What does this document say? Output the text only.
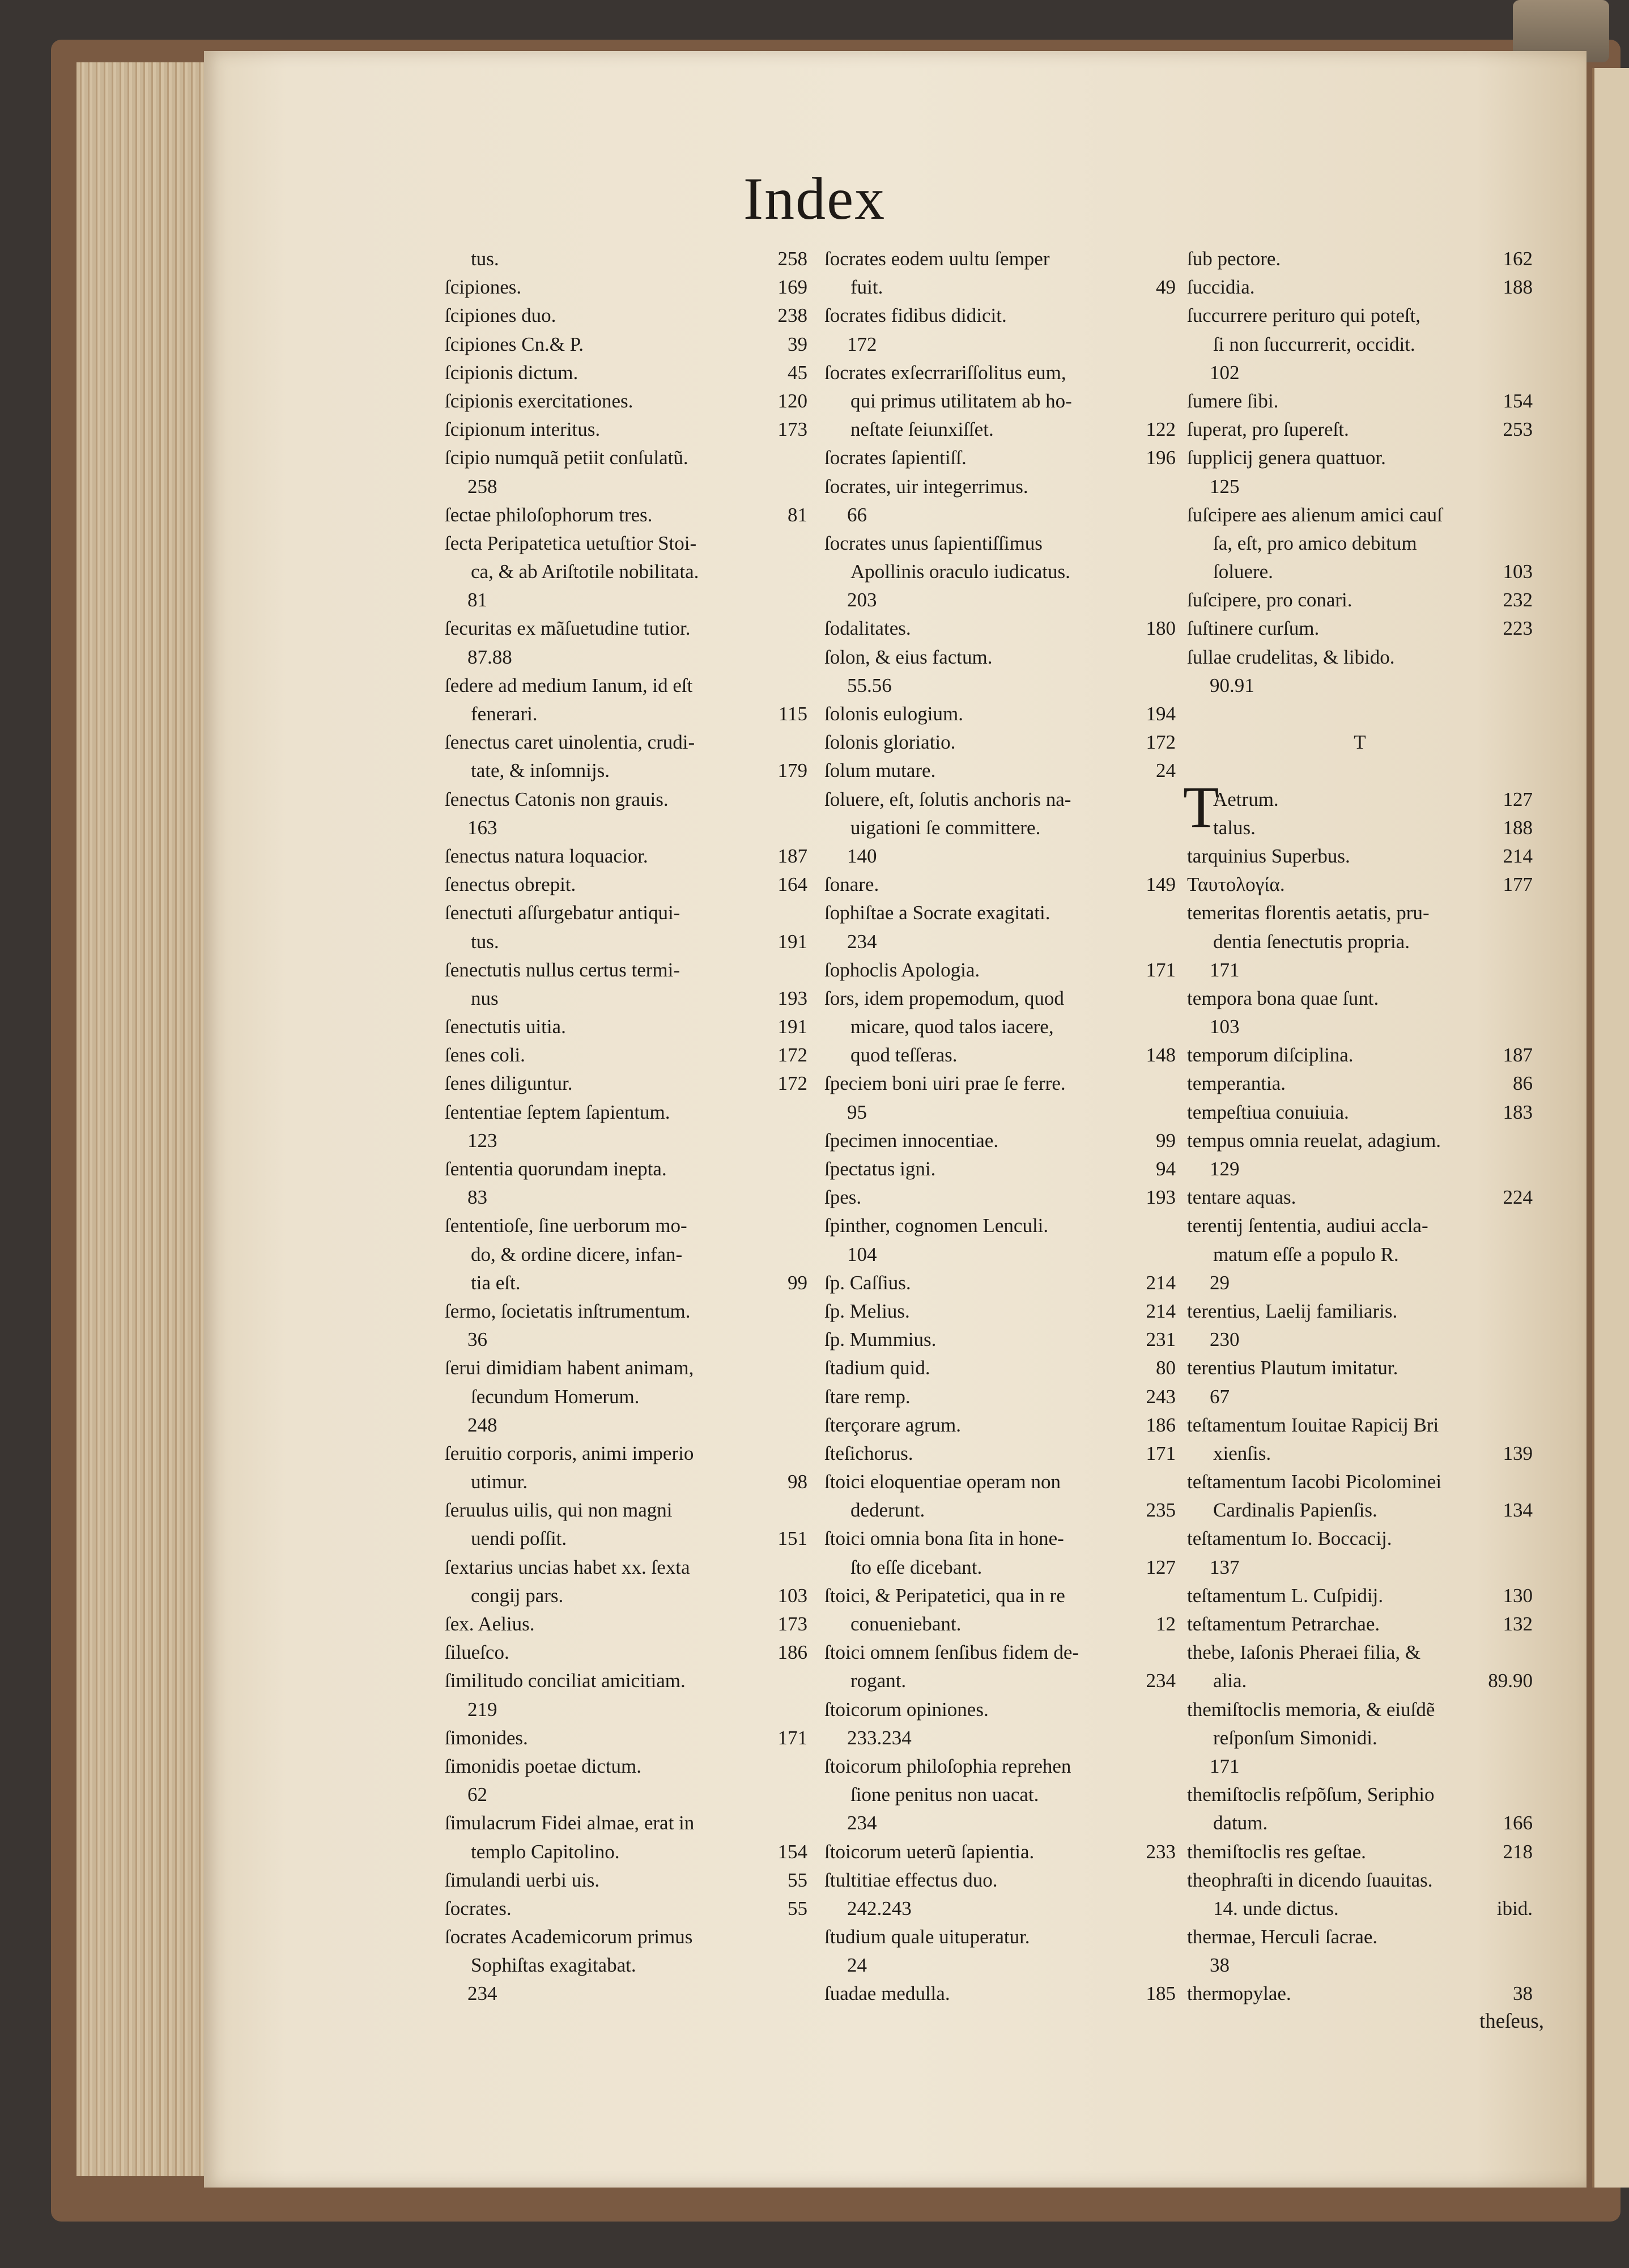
Index
tus.	258
ſcipiones.	169
ſcipiones duo.	238
ſcipiones Cn.& P.	39
ſcipionis dictum.	45
ſcipionis exercitationes.	120
ſcipionum interitus.	173
ſcipio numquã petiit conſulatũ.
258
ſectae philoſophorum tres.	81
ſecta Peripatetica uetuſtior Stoi-
ca, & ab Ariſtotile nobilitata.
81
ſecuritas ex mãſuetudine tutior.
87.88
ſedere ad medium Ianum, id eſt
fenerari.	115
ſenectus caret uinolentia, crudi-
tate, & inſomnijs.	179
ſenectus Catonis non grauis.
163
ſenectus natura loquacior.	187
ſenectus obrepit.	164
ſenectuti aſſurgebatur antiqui-
tus.	191
ſenectutis nullus certus termi-
nus	193
ſenectutis uitia.	191
ſenes coli.	172
ſenes diliguntur.	172
ſententiae ſeptem ſapientum.
123
ſententia quorundam inepta.
83
ſententioſe, ſine uerborum mo-
do, & ordine dicere, infan-
tia eſt.	99
ſermo, ſocietatis inſtrumentum.
36
ſerui dimidiam habent animam,
ſecundum Homerum.
248
ſeruitio corporis, animi imperio
utimur.	98
ſeruulus uilis, qui non magni
uendi poſſit.	151
ſextarius uncias habet xx. ſexta
congij pars.	103
ſex. Aelius.	173
ſilueſco.	186
ſimilitudo conciliat amicitiam.
219
ſimonides.	171
ſimonidis poetae dictum.
62
ſimulacrum Fidei almae, erat in
templo Capitolino.	154
ſimulandi uerbi uis.	55
ſocrates.	55
ſocrates Academicorum primus
Sophiſtas exagitabat.
234
ſocrates eodem uultu ſemper
fuit.	49
ſocrates fidibus didicit.
172
ſocrates exſecrrariſſolitus eum,
qui primus utilitatem ab ho-
neſtate ſeiunxiſſet.	122
ſocrates ſapientiſſ.	196
ſocrates, uir integerrimus.
66
ſocrates unus ſapientiſſimus
Apollinis oraculo iudicatus.
203
ſodalitates.	180
ſolon, & eius factum.
55.56
ſolonis eulogium.	194
ſolonis gloriatio.	172
ſolum mutare.	24
ſoluere, eſt, ſolutis anchoris na-
uigationi ſe committere.
140
ſonare.	149
ſophiſtae a Socrate exagitati.
234
ſophoclis Apologia.	171
ſors, idem propemodum, quod
micare, quod talos iacere,
quod teſſeras.	148
ſpeciem boni uiri prae ſe ferre.
95
ſpecimen innocentiae.	99
ſpectatus igni.	94
ſpes.	193
ſpinther, cognomen Lenculi.
104
ſp. Caſſius.	214
ſp. Melius.	214
ſp. Mummius.	231
ſtadium quid.	80
ſtare remp.	243
ſterçorare agrum.	186
ſteſichorus.	171
ſtoici eloquentiae operam non
dederunt.	235
ſtoici omnia bona ſita in hone-
ſto eſſe dicebant.	127
ſtoici, & Peripatetici, qua in re
conueniebant.	12
ſtoici omnem ſenſibus fidem de-
rogant.	234
ſtoicorum opiniones.
233.234
ſtoicorum philoſophia reprehen
ſione penitus non uacat.
234
ſtoicorum ueterũ ſapientia.	233
ſtultitiae effectus duo.
242.243
ſtudium quale uituperatur.
24
ſuadae medulla.	185
ſub pectore.	162
ſuccidia.	188
ſuccurrere perituro qui poteſt,
ſi non ſuccurrerit, occidit.
102
ſumere ſibi.	154
ſuperat, pro ſupereſt.	253
ſupplicij genera quattuor.
125
ſuſcipere aes alienum amici cauſ
ſa, eſt, pro amico debitum
ſoluere.	103
ſuſcipere, pro conari.	232
ſuſtinere curſum.	223
ſullae crudelitas, & libido.
90.91
T
Aetrum.	127
talus.	188
tarquinius Superbus.	214
Ταυτολογία.	177
temeritas florentis aetatis, pru-
dentia ſenectutis propria.
171
tempora bona quae ſunt.
103
temporum diſciplina.	187
temperantia.	86
tempeſtiua conuiuia.	183
tempus omnia reuelat, adagium.
129
tentare aquas.	224
terentij ſententia, audiui accla-
matum eſſe a populo R.
29
terentius, Laelij familiaris.
230
terentius Plautum imitatur.
67
teſtamentum Iouitae Rapicij Bri
xienſis.	139
teſtamentum Iacobi Picolominei
Cardinalis Papienſis.	134
teſtamentum Io. Boccacij.
137
teſtamentum L. Cuſpidij.	130
teſtamentum Petrarchae.	132
thebe, Iaſonis Pheraei filia, &
alia.	89.90
themiſtoclis memoria, & eiuſdẽ
reſponſum Simonidi.
171
themiſtoclis reſpõſum, Seriphio
datum.	166
themiſtoclis res geſtae.	218
theophraſti in dicendo ſuauitas.
14. unde dictus.	ibid.
thermae, Herculi ſacrae.
38
thermopylae.	38
T
theſeus,
